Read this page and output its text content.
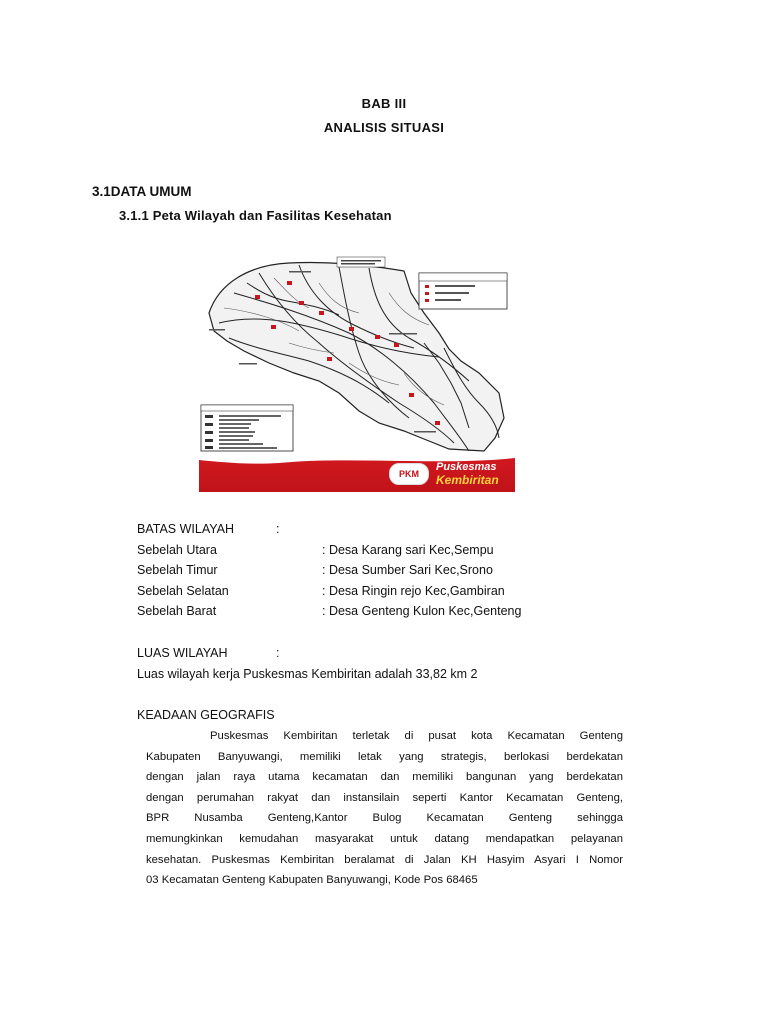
BAB III
ANALISIS SITUASI
3.1DATA UMUM
3.1.1 Peta Wilayah dan Fasilitas Kesehatan
PKM
Puskesmas
Kembiritan
BATAS WILAYAH	:
Sebelah Utara	: Desa Karang sari Kec,Sempu
Sebelah Timur	: Desa Sumber Sari Kec,Srono
Sebelah Selatan	: Desa Ringin rejo Kec,Gambiran
Sebelah Barat	: Desa Genteng Kulon Kec,Genteng
LUAS WILAYAH	:
Luas wilayah kerja Puskesmas Kembiritan adalah 33,82 km 2
KEADAAN GEOGRAFIS
Puskesmas Kembiritan terletak di pusat kota Kecamatan Genteng
Kabupaten Banyuwangi, memiliki letak yang strategis, berlokasi berdekatan
dengan jalan raya utama kecamatan dan memiliki bangunan yang berdekatan
dengan perumahan rakyat dan instansilain seperti Kantor Kecamatan Genteng,
BPR Nusamba Genteng,Kantor Bulog Kecamatan Genteng sehingga
memungkinkan kemudahan masyarakat untuk datang mendapatkan pelayanan
kesehatan. Puskesmas Kembiritan beralamat di Jalan KH Hasyim Asyari I Nomor
03 Kecamatan Genteng Kabupaten Banyuwangi, Kode Pos 68465
